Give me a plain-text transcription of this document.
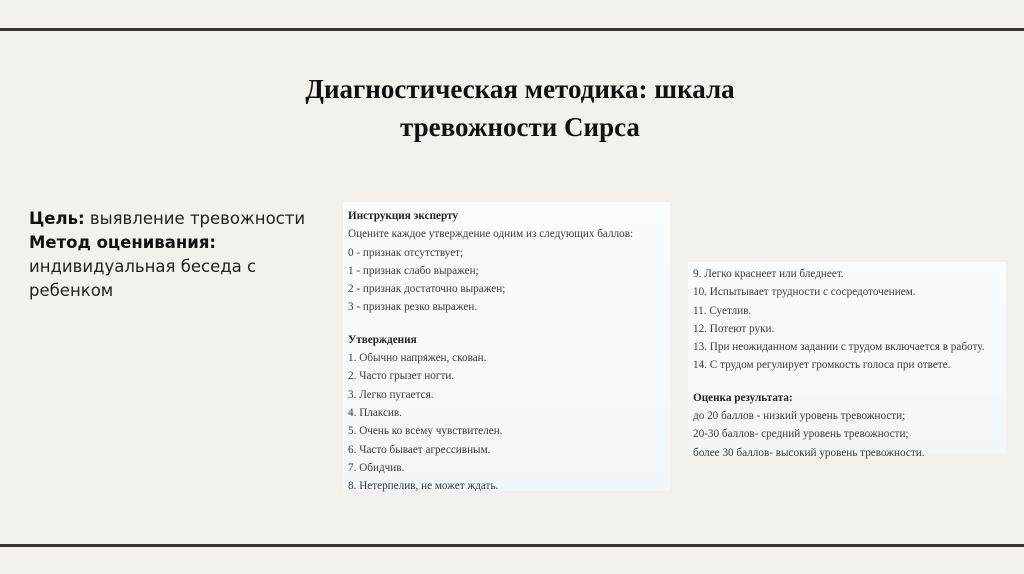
Диагностическая методика: шкала
тревожности Сирса
Цель: выявление тревожности
Метод оценивания:
индивидуальная беседа с ребенком
Инструкция эксперту
Оцените каждое утверждение одним из следующих баллов:
0 - признак отсутствует;
1 - признак слабо выражен;
2 - признак достаточно выражен;
3 - признак резко выражен.
Утверждения
1. Обычно напряжен, скован.
2. Часто грызет ногти.
3. Легко пугается.
4. Плаксив.
5. Очень ко всему чувствителен.
6. Часто бывает агрессивным.
7. Обидчив.
8. Нетерпелив, не может ждать.
9. Легко краснеет или бледнеет.
10. Испытывает трудности с сосредоточением.
11. Суетлив.
12. Потеют руки.
13. При неожиданном задании с трудом включается в работу.
14. С трудом регулирует громкость голоса при ответе.
Оценка результата:
до 20 баллов - низкий уровень тревожности;
20-30 баллов- средний уровень тревожности;
более 30 баллов- высокий уровень тревожности.
